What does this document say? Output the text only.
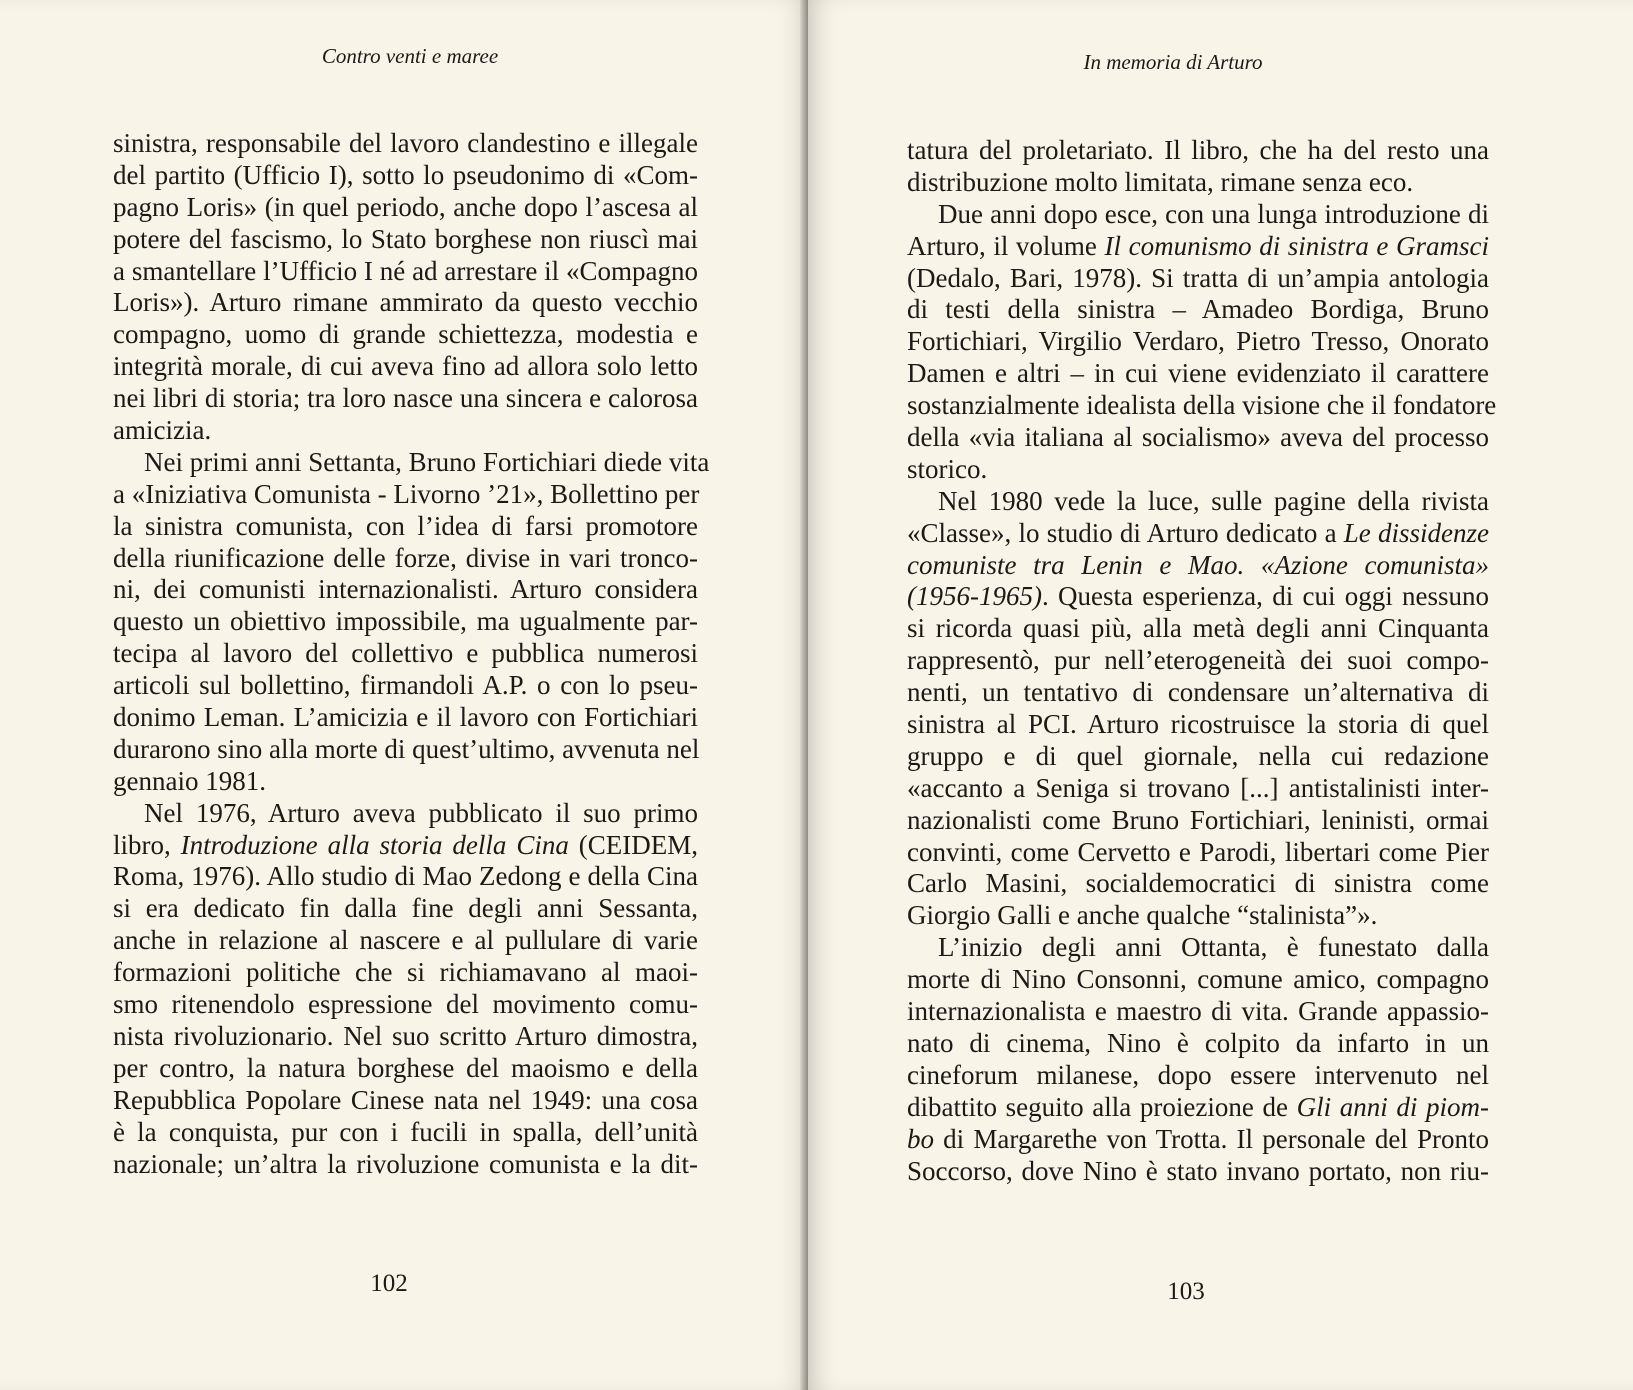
Contro venti e maree
sinistra, responsabile del lavoro clandestino e illegale
del partito (Ufficio I), sotto lo pseudonimo di «Com-
pagno Loris» (in quel periodo, anche dopo l’ascesa al
potere del fascismo, lo Stato borghese non riuscì mai
a smantellare l’Ufficio I né ad arrestare il «Compagno
Loris»). Arturo rimane ammirato da questo vecchio
compagno, uomo di grande schiettezza, modestia e
integrità morale, di cui aveva fino ad allora solo letto
nei libri di storia; tra loro nasce una sincera e calorosa
amicizia.
Nei primi anni Settanta, Bruno Fortichiari diede vita
a «Iniziativa Comunista - Livorno ’21», Bollettino per
la sinistra comunista, con l’idea di farsi promotore
della riunificazione delle forze, divise in vari tronco-
ni, dei comunisti internazionalisti. Arturo considera
questo un obiettivo impossibile, ma ugualmente par-
tecipa al lavoro del collettivo e pubblica numerosi
articoli sul bollettino, firmandoli A.P. o con lo pseu-
donimo Leman. L’amicizia e il lavoro con Fortichiari
durarono sino alla morte di quest’ultimo, avvenuta nel
gennaio 1981.
Nel 1976, Arturo aveva pubblicato il suo primo
libro, Introduzione alla storia della Cina (CEIDEM,
Roma, 1976). Allo studio di Mao Zedong e della Cina
si era dedicato fin dalla fine degli anni Sessanta,
anche in relazione al nascere e al pullulare di varie
formazioni politiche che si richiamavano al maoi-
smo ritenendolo espressione del movimento comu-
nista rivoluzionario. Nel suo scritto Arturo dimostra,
per contro, la natura borghese del maoismo e della
Repubblica Popolare Cinese nata nel 1949: una cosa
è la conquista, pur con i fucili in spalla, dell’unità
nazionale; un’altra la rivoluzione comunista e la dit-
102
In memoria di Arturo
tatura del proletariato. Il libro, che ha del resto una
distribuzione molto limitata, rimane senza eco.
Due anni dopo esce, con una lunga introduzione di
Arturo, il volume Il comunismo di sinistra e Gramsci
(Dedalo, Bari, 1978). Si tratta di un’ampia antologia
di testi della sinistra – Amadeo Bordiga, Bruno
Fortichiari, Virgilio Verdaro, Pietro Tresso, Onorato
Damen e altri – in cui viene evidenziato il carattere
sostanzialmente idealista della visione che il fondatore
della «via italiana al socialismo» aveva del processo
storico.
Nel 1980 vede la luce, sulle pagine della rivista
«Classe», lo studio di Arturo dedicato a Le dissidenze
comuniste tra Lenin e Mao. «Azione comunista»
(1956-1965). Questa esperienza, di cui oggi nessuno
si ricorda quasi più, alla metà degli anni Cinquanta
rappresentò, pur nell’eterogeneità dei suoi compo-
nenti, un tentativo di condensare un’alternativa di
sinistra al PCI. Arturo ricostruisce la storia di quel
gruppo e di quel giornale, nella cui redazione
«accanto a Seniga si trovano [...] antistalinisti inter-
nazionalisti come Bruno Fortichiari, leninisti, ormai
convinti, come Cervetto e Parodi, libertari come Pier
Carlo Masini, socialdemocratici di sinistra come
Giorgio Galli e anche qualche “stalinista”».
L’inizio degli anni Ottanta, è funestato dalla
morte di Nino Consonni, comune amico, compagno
internazionalista e maestro di vita. Grande appassio-
nato di cinema, Nino è colpito da infarto in un
cineforum milanese, dopo essere intervenuto nel
dibattito seguito alla proiezione de Gli anni di piom-
bo di Margarethe von Trotta. Il personale del Pronto
Soccorso, dove Nino è stato invano portato, non riu-
103
